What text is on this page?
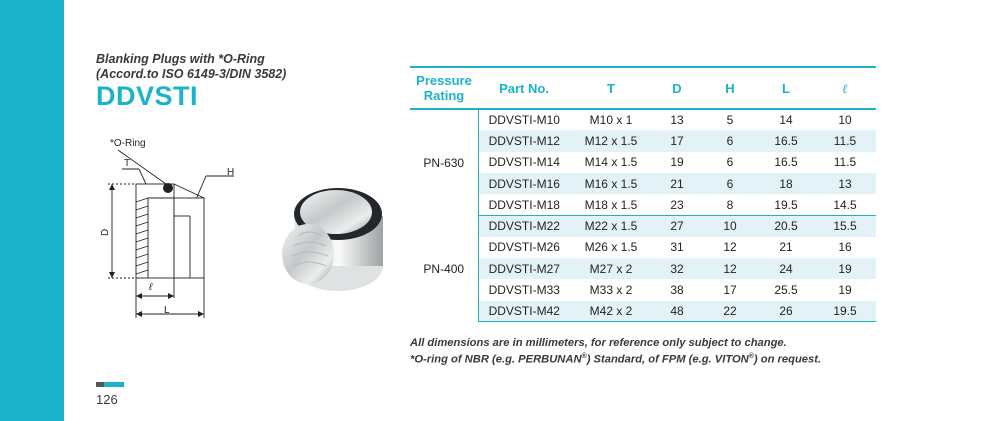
Blanking Plugs with *O-Ring
(Accord.to ISO 6149-3/DIN 3582)
DDVSTI
*O-Ring
T
H
D
ℓ
L
Pressure Rating	Part No.	T	D	H	L	ℓ
PN-630	DDVSTI-M10	M10 x 1	13	5	14	10
	DDVSTI-M12	M12 x 1.5	17	6	16.5	11.5
	DDVSTI-M14	M14 x 1.5	19	6	16.5	11.5
	DDVSTI-M16	M16 x 1.5	21	6	18	13
	DDVSTI-M18	M18 x 1.5	23	8	19.5	14.5
PN-400	DDVSTI-M22	M22 x 1.5	27	10	20.5	15.5
	DDVSTI-M26	M26 x 1.5	31	12	21	16
	DDVSTI-M27	M27 x 2	32	12	24	19
	DDVSTI-M33	M33 x 2	38	17	25.5	19
	DDVSTI-M42	M42 x 2	48	22	26	19.5
All dimensions are in millimeters, for reference only subject to change.
*O-ring of NBR (e.g. PERBUNAN®) Standard, of FPM (e.g. VITON®) on request.
126
